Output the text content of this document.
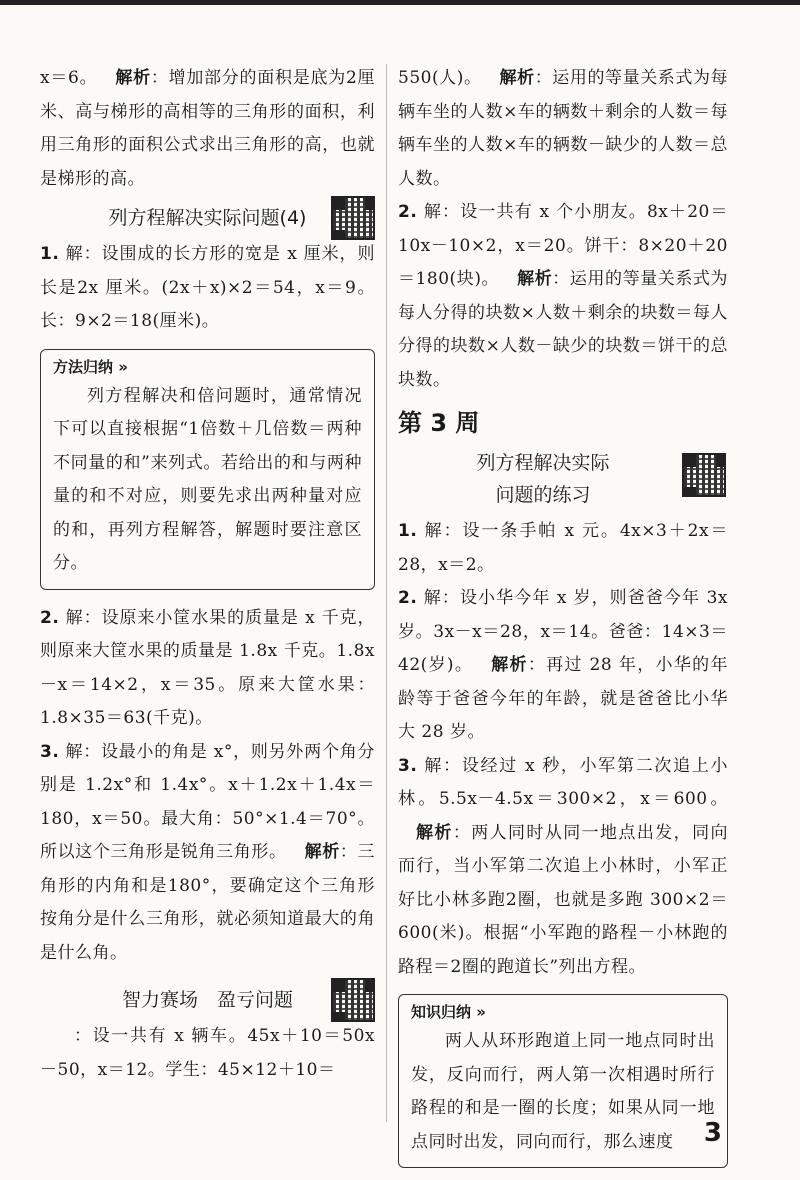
x＝6。 解析：增加部分的面积是底为2厘米、高与梯形的高相等的三角形的面积，利用三角形的面积公式求出三角形的高，也就是梯形的高。

列方程解决实际问题(4)

1. 解：设围成的长方形的宽是 x 厘米，则长是2x 厘米。(2x＋x)×2＝54，x＝9。长：9×2＝18(厘米)。

方法归纳 »

列方程解决和倍问题时，通常情况下可以直接根据“1倍数＋几倍数＝两种不同量的和”来列式。若给出的和与两种量的和不对应，则要先求出两种量对应的和，再列方程解答，解题时要注意区分。

2. 解：设原来小筐水果的质量是 x 千克，则原来大筐水果的质量是 1.8x 千克。1.8x－x＝14×2，x＝35。原来大筐水果：1.8×35＝63(千克)。

3. 解：设最小的角是 x°，则另外两个角分别是 1.2x°和 1.4x°。x＋1.2x＋1.4x＝180，x＝50。最大角：50°×1.4＝70°。所以这个三角形是锐角三角形。 解析：三角形的内角和是180°，要确定这个三角形按角分是什么三角形，就必须知道最大的角是什么角。

智力赛场　盈亏问题

：设一共有 x 辆车。45x＋10＝50x－50，x＝12。学生：45×12＋10＝

550(人)。 解析：运用的等量关系式为每辆车坐的人数×车的辆数＋剩余的人数＝每辆车坐的人数×车的辆数－缺少的人数＝总人数。

2. 解：设一共有 x 个小朋友。8x＋20＝10x－10×2，x＝20。饼干：8×20＋20＝180(块)。 解析：运用的等量关系式为每人分得的块数×人数＋剩余的块数＝每人分得的块数×人数－缺少的块数＝饼干的总块数。

第 3 周
列方程解决实际
问题的练习

1. 解：设一条手帕 x 元。4x×3＋2x＝28，x＝2。

2. 解：设小华今年 x 岁，则爸爸今年 3x 岁。3x－x＝28，x＝14。爸爸：14×3＝42(岁)。 解析：再过 28 年，小华的年龄等于爸爸今年的年龄，就是爸爸比小华大 28 岁。

3. 解：设经过 x 秒，小军第二次追上小林。5.5x－4.5x＝300×2，x＝600。解析：两人同时从同一地点出发，同向而行，当小军第二次追上小林时，小军正好比小林多跑2圈，也就是多跑 300×2＝600(米)。根据“小军跑的路程－小林跑的路程＝2圈的跑道长”列出方程。

知识归纳 »

两人从环形跑道上同一地点同时出发，反向而行，两人第一次相遇时所行路程的和是一圈的长度；如果从同一地点同时出发，同向而行，那么速度	3
